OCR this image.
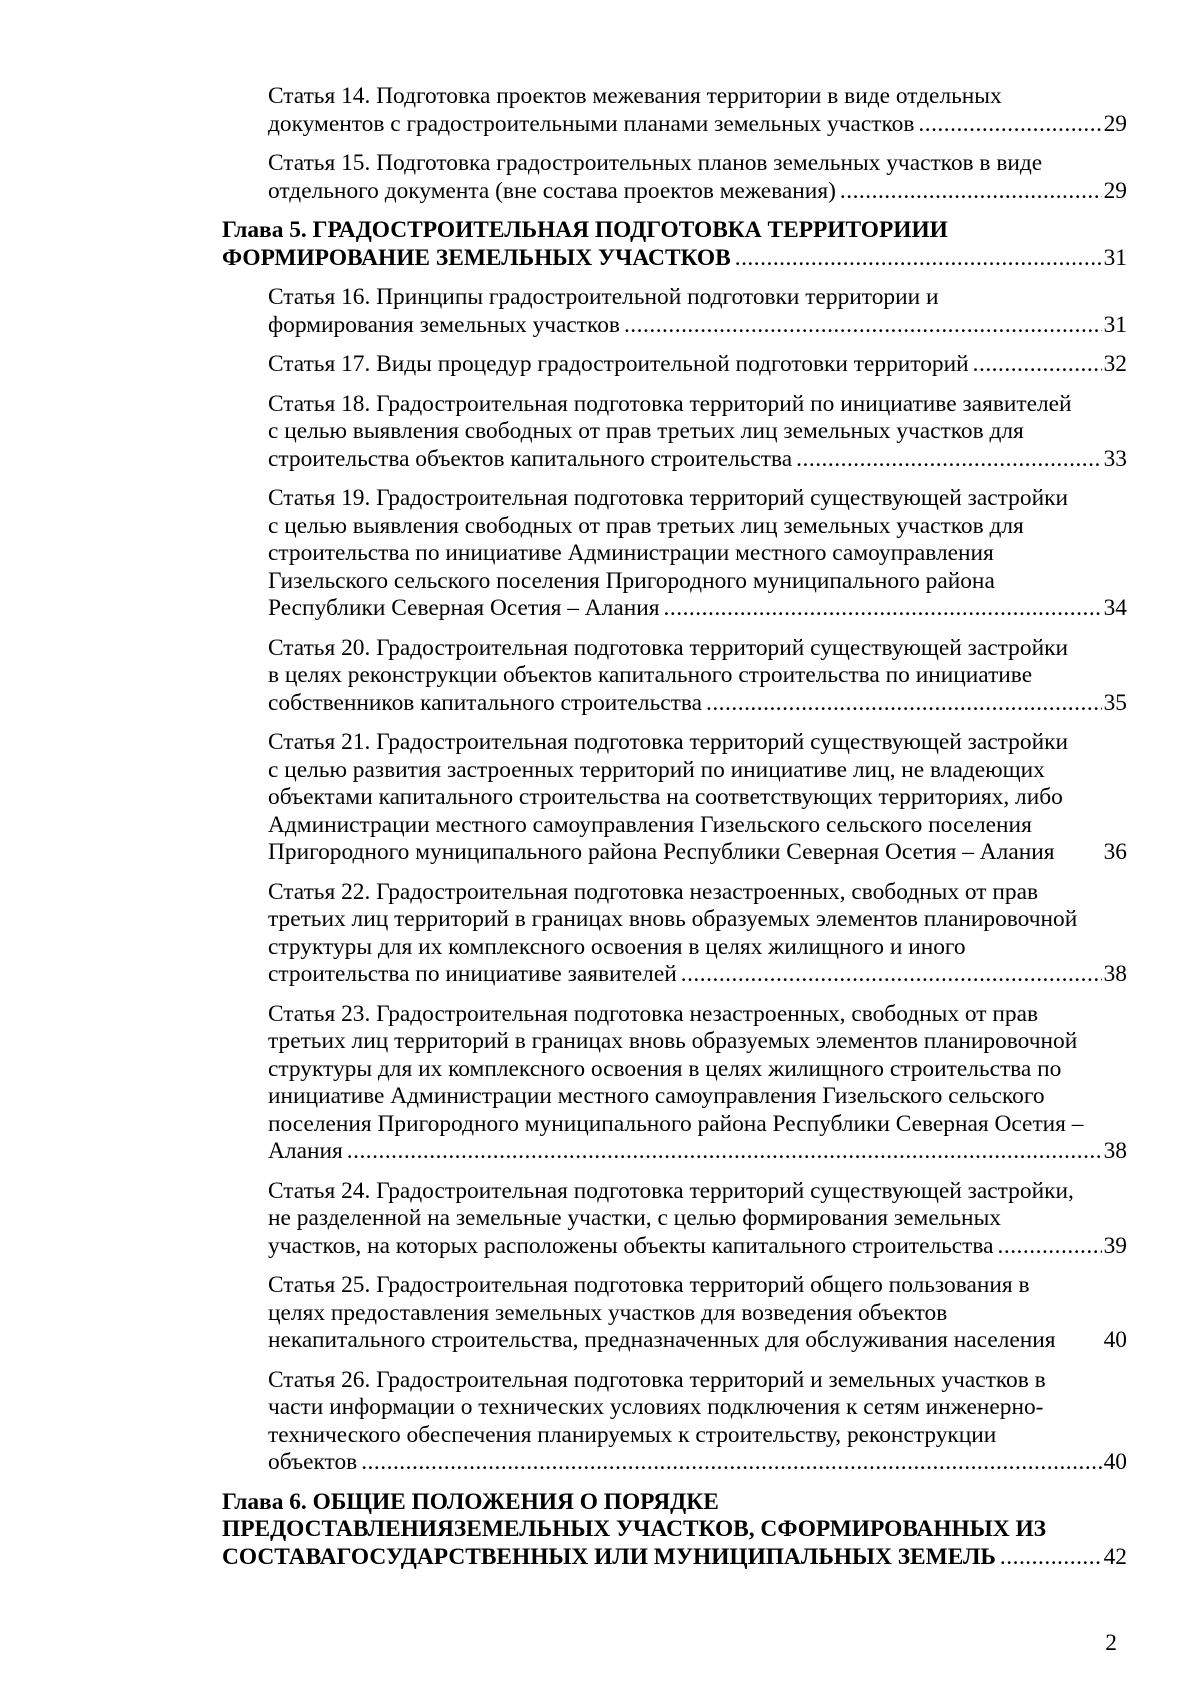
Статья 14. Подготовка проектов межевания территории в виде отдельных
документов с градостроительными планами земельных участков .....	29
Статья 15. Подготовка градостроительных планов земельных участков в виде
отдельного документа (вне состава проектов межевания) .....	29
Глава 5. ГРАДОСТРОИТЕЛЬНАЯ ПОДГОТОВКА ТЕРРИТОРИИИ
ФОРМИРОВАНИЕ ЗЕМЕЛЬНЫХ УЧАСТКОВ .....	31
Статья 16. Принципы градостроительной подготовки территории и
формирования земельных участков .....	31
Статья 17. Виды процедур градостроительной подготовки территорий .....	32
Статья 18. Градостроительная подготовка территорий по инициативе заявителей
с целью выявления свободных от прав третьих лиц земельных участков для
строительства объектов капитального строительства .....	33
Статья 19. Градостроительная подготовка территорий существующей застройки
с целью выявления свободных от прав третьих лиц земельных участков для
строительства по инициативе Администрации местного самоуправления
Гизельского сельского поселения Пригородного муниципального района
Республики Северная Осетия – Алания .....	34
Статья 20. Градостроительная подготовка территорий существующей застройки
в целях реконструкции объектов капитального строительства по инициативе
собственников капитального строительства .....	35
Статья 21. Градостроительная подготовка территорий существующей застройки
с целью развития застроенных территорий по инициативе лиц, не владеющих
объектами капитального строительства на соответствующих территориях, либо
Администрации местного самоуправления Гизельского сельского поселения
Пригородного муниципального района Республики Северная Осетия – Алания 36
Статья 22. Градостроительная подготовка незастроенных, свободных от прав
третьих лиц территорий в границах вновь образуемых элементов планировочной
структуры для их комплексного освоения в целях жилищного и иного
строительства по инициативе заявителей .....	38
Статья 23. Градостроительная подготовка незастроенных, свободных от прав
третьих лиц территорий в границах вновь образуемых элементов планировочной
структуры для их комплексного освоения в целях жилищного строительства по
инициативе Администрации местного самоуправления Гизельского сельского
поселения Пригородного муниципального района Республики Северная Осетия –
Алания .....	38
Статья 24. Градостроительная подготовка территорий существующей застройки,
не разделенной на земельные участки, с целью формирования земельных
участков, на которых расположены объекты капитального строительства .....	39
Статья 25. Градостроительная подготовка территорий общего пользования в
целях предоставления земельных участков для возведения объектов
некапитального строительства, предназначенных для обслуживания населения 40
Статья 26. Градостроительная подготовка территорий и земельных участков в
части информации о технических условиях подключения к сетям инженерно-
технического обеспечения планируемых к строительству, реконструкции
объектов .....	40
Глава 6. ОБЩИЕ ПОЛОЖЕНИЯ О ПОРЯДКЕ
ПРЕДОСТАВЛЕНИЯЗЕМЕЛЬНЫХ УЧАСТКОВ, СФОРМИРОВАННЫХ ИЗ
СОСТАВАГОСУДАРСТВЕННЫХ ИЛИ МУНИЦИПАЛЬНЫХ ЗЕМЕЛЬ .....	42
2
